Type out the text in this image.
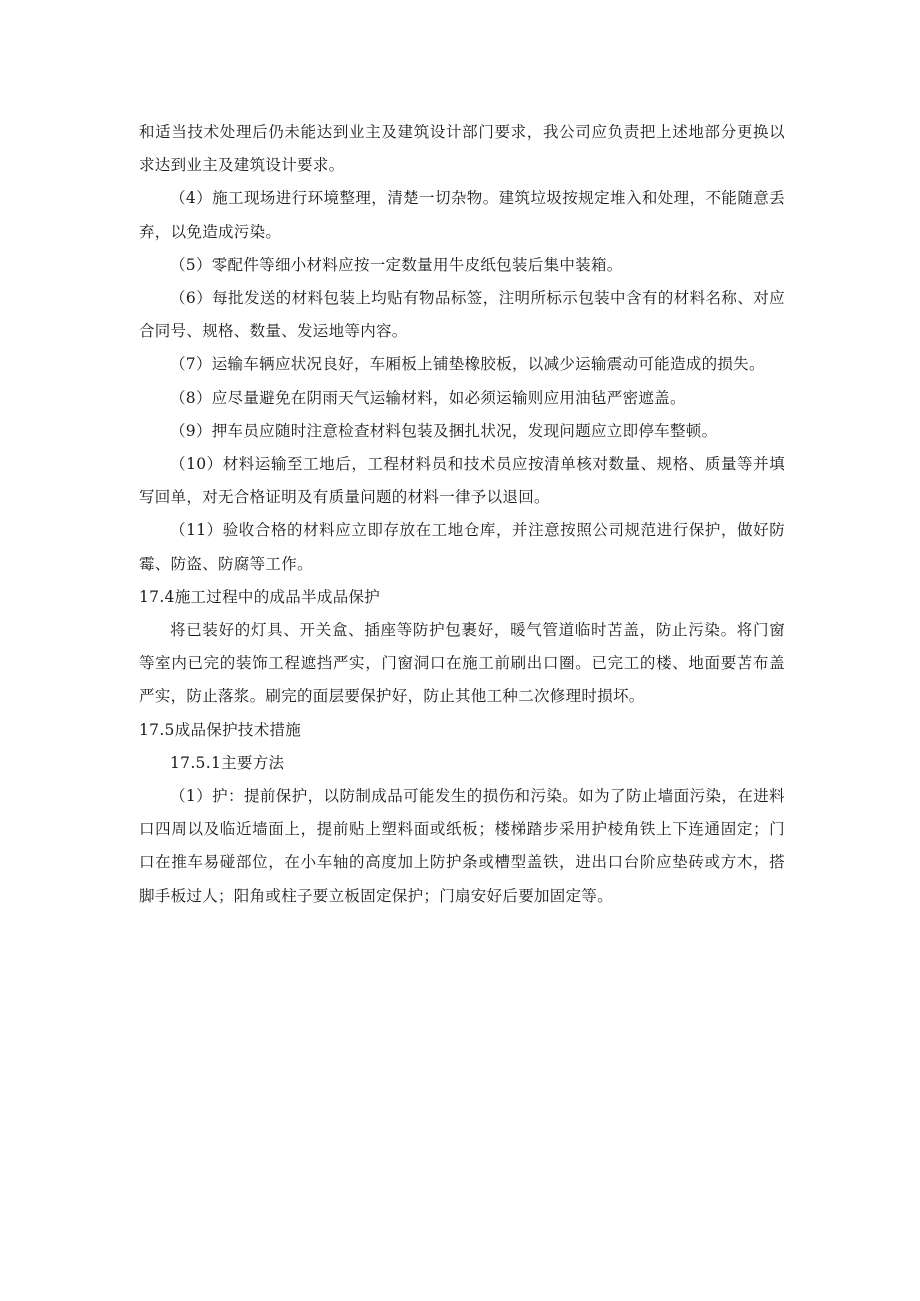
和适当技术处理后仍未能达到业主及建筑设计部门要求，我公司应负责把上述地部分更换以求达到业主及建筑设计要求。

（4）施工现场进行环境整理，清楚一切杂物。建筑垃圾按规定堆入和处理，不能随意丢弃，以免造成污染。

（5）零配件等细小材料应按一定数量用牛皮纸包装后集中装箱。

（6）每批发送的材料包装上均贴有物品标签，注明所标示包装中含有的材料名称、对应合同号、规格、数量、发运地等内容。

（7）运输车辆应状况良好，车厢板上铺垫橡胶板，以减少运输震动可能造成的损失。

（8）应尽量避免在阴雨天气运输材料，如必须运输则应用油毡严密遮盖。

（9）押车员应随时注意检查材料包装及捆扎状况，发现问题应立即停车整顿。

（10）材料运输至工地后，工程材料员和技术员应按清单核对数量、规格、质量等并填写回单，对无合格证明及有质量问题的材料一律予以退回。

（11）验收合格的材料应立即存放在工地仓库，并注意按照公司规范进行保护，做好防霉、防盗、防腐等工作。

17.4施工过程中的成品半成品保护

将已装好的灯具、开关盒、插座等防护包裹好，暖气管道临时苫盖，防止污染。将门窗等室内已完的装饰工程遮挡严实，门窗洞口在施工前刷出口圈。已完工的楼、地面要苫布盖严实，防止落浆。刷完的面层要保护好，防止其他工种二次修理时损坏。

17.5成品保护技术措施
17.5.1主要方法

（1）护：提前保护，以防制成品可能发生的损伤和污染。如为了防止墙面污染，在进料口四周以及临近墙面上，提前贴上塑料面或纸板；楼梯踏步采用护棱角铁上下连通固定；门口在推车易碰部位，在小车轴的高度加上防护条或槽型盖铁，进出口台阶应垫砖或方木，搭脚手板过人；阳角或柱子要立板固定保护；门扇安好后要加固定等。
